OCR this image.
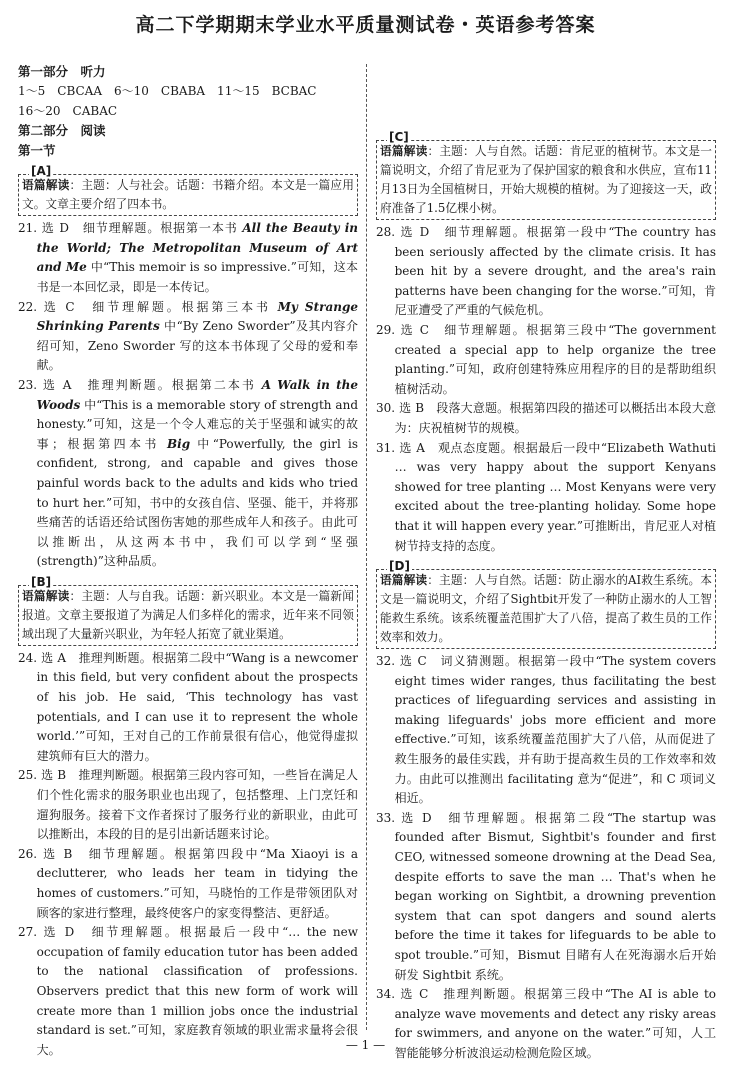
高二下学期期末学业水平质量测试卷・英语参考答案
第一部分　听力
1～5　CBCAA　6～10　CBABA　11～15　BCBAC
16～20　CABAC
第二部分　阅读
第一节
[A]
语篇解读：主题：人与社会。话题：书籍介绍。本文是一篇应用文。文章主要介绍了四本书。

21. 选 D　细节理解题。根据第一本书 All the Beauty in the World; The Metropolitan Museum of Art and Me 中“This memoir is so impressive.”可知，这本书是一本回忆录，即是一本传记。

22. 选 C　细节理解题。根据第三本书 My Strange Shrinking Parents 中“By Zeno Sworder”及其内容介绍可知，Zeno Sworder 写的这本书体现了父母的爱和奉献。

23. 选 A　推理判断题。根据第二本书 A Walk in the Woods 中“This is a memorable story of strength and honesty.”可知，这是一个令人难忘的关于坚强和诚实的故事；根据第四本书 Big 中“Powerfully, the girl is confident, strong, and capable and gives those painful words back to the adults and kids who tried to hurt her.”可知，书中的女孩自信、坚强、能干，并将那些痛苦的话语还给试图伤害她的那些成年人和孩子。由此可以推断出，从这两本书中，我们可以学到“坚强(strength)”这种品质。

[B]
语篇解读：主题：人与自我。话题：新兴职业。本文是一篇新闻报道。文章主要报道了为满足人们多样化的需求，近年来不同领域出现了大量新兴职业，为年轻人拓宽了就业渠道。

24. 选 A　推理判断题。根据第二段中“Wang is a newcomer in this field, but very confident about the prospects of his job. He said, ‘This technology has vast potentials, and I can use it to represent the whole world.’”可知，王对自己的工作前景很有信心，他觉得虚拟建筑师有巨大的潜力。

25. 选 B　推理判断题。根据第三段内容可知，一些旨在满足人们个性化需求的服务职业也出现了，包括整理、上门烹饪和遛狗服务。接着下文作者探讨了服务行业的新职业，由此可以推断出，本段的目的是引出新话题来讨论。

26. 选 B　细节理解题。根据第四段中“Ma Xiaoyi is a declutterer, who leads her team in tidying the homes of customers.”可知，马晓怡的工作是带领团队对顾客的家进行整理，最终使客户的家变得整洁、更舒适。

27. 选 D　细节理解题。根据最后一段中“… the new occupation of family education tutor has been added to the national classification of professions. Observers predict that this new form of work will create more than 1 million jobs once the industrial standard is set.”可知，家庭教育领域的职业需求量将会很大。

[C]
语篇解读：主题：人与自然。话题：肯尼亚的植树节。本文是一篇说明文，介绍了肯尼亚为了保护国家的粮食和水供应，宣布11月13日为全国植树日，开始大规模的植树。为了迎接这一天，政府准备了1.5亿棵小树。

28. 选 D　细节理解题。根据第一段中“The country has been seriously affected by the climate crisis. It has been hit by a severe drought, and the area's rain patterns have been changing for the worse.”可知，肯尼亚遭受了严重的气候危机。

29. 选 C　细节理解题。根据第三段中“The government created a special app to help organize the tree planting.”可知，政府创建特殊应用程序的目的是帮助组织植树活动。

30. 选 B　段落大意题。根据第四段的描述可以概括出本段大意为：庆祝植树节的规模。

31. 选 A　观点态度题。根据最后一段中“Elizabeth Wathuti … was very happy about the support Kenyans showed for tree planting … Most Kenyans were very excited about the tree-planting holiday. Some hope that it will happen every year.”可推断出，肯尼亚人对植树节持支持的态度。

[D]
语篇解读：主题：人与自然。话题：防止溺水的AI救生系统。本文是一篇说明文，介绍了Sightbit开发了一种防止溺水的人工智能救生系统。该系统覆盖范围扩大了八倍，提高了救生员的工作效率和效力。

32. 选 C　词义猜测题。根据第一段中“The system covers eight times wider ranges, thus facilitating the best practices of lifeguarding services and assisting in making lifeguards' jobs more efficient and more effective.”可知，该系统覆盖范围扩大了八倍，从而促进了救生服务的最佳实践，并有助于提高救生员的工作效率和效力。由此可以推测出 facilitating 意为“促进”，和 C 项词义相近。

33. 选 D　细节理解题。根据第二段“The startup was founded after Bismut, Sightbit's founder and first CEO, witnessed someone drowning at the Dead Sea, despite efforts to save the man … That's when he began working on Sightbit, a drowning prevention system that can spot dangers and sound alerts before the time it takes for lifeguards to be able to spot trouble.”可知，Bismut 目睹有人在死海溺水后开始研发 Sightbit 系统。

34. 选 C　推理判断题。根据第三段中“The AI is able to analyze wave movements and detect any risky areas for swimmers, and anyone on the water.”可知，人工智能能够分析波浪运动检测危险区域。

— 1 —
